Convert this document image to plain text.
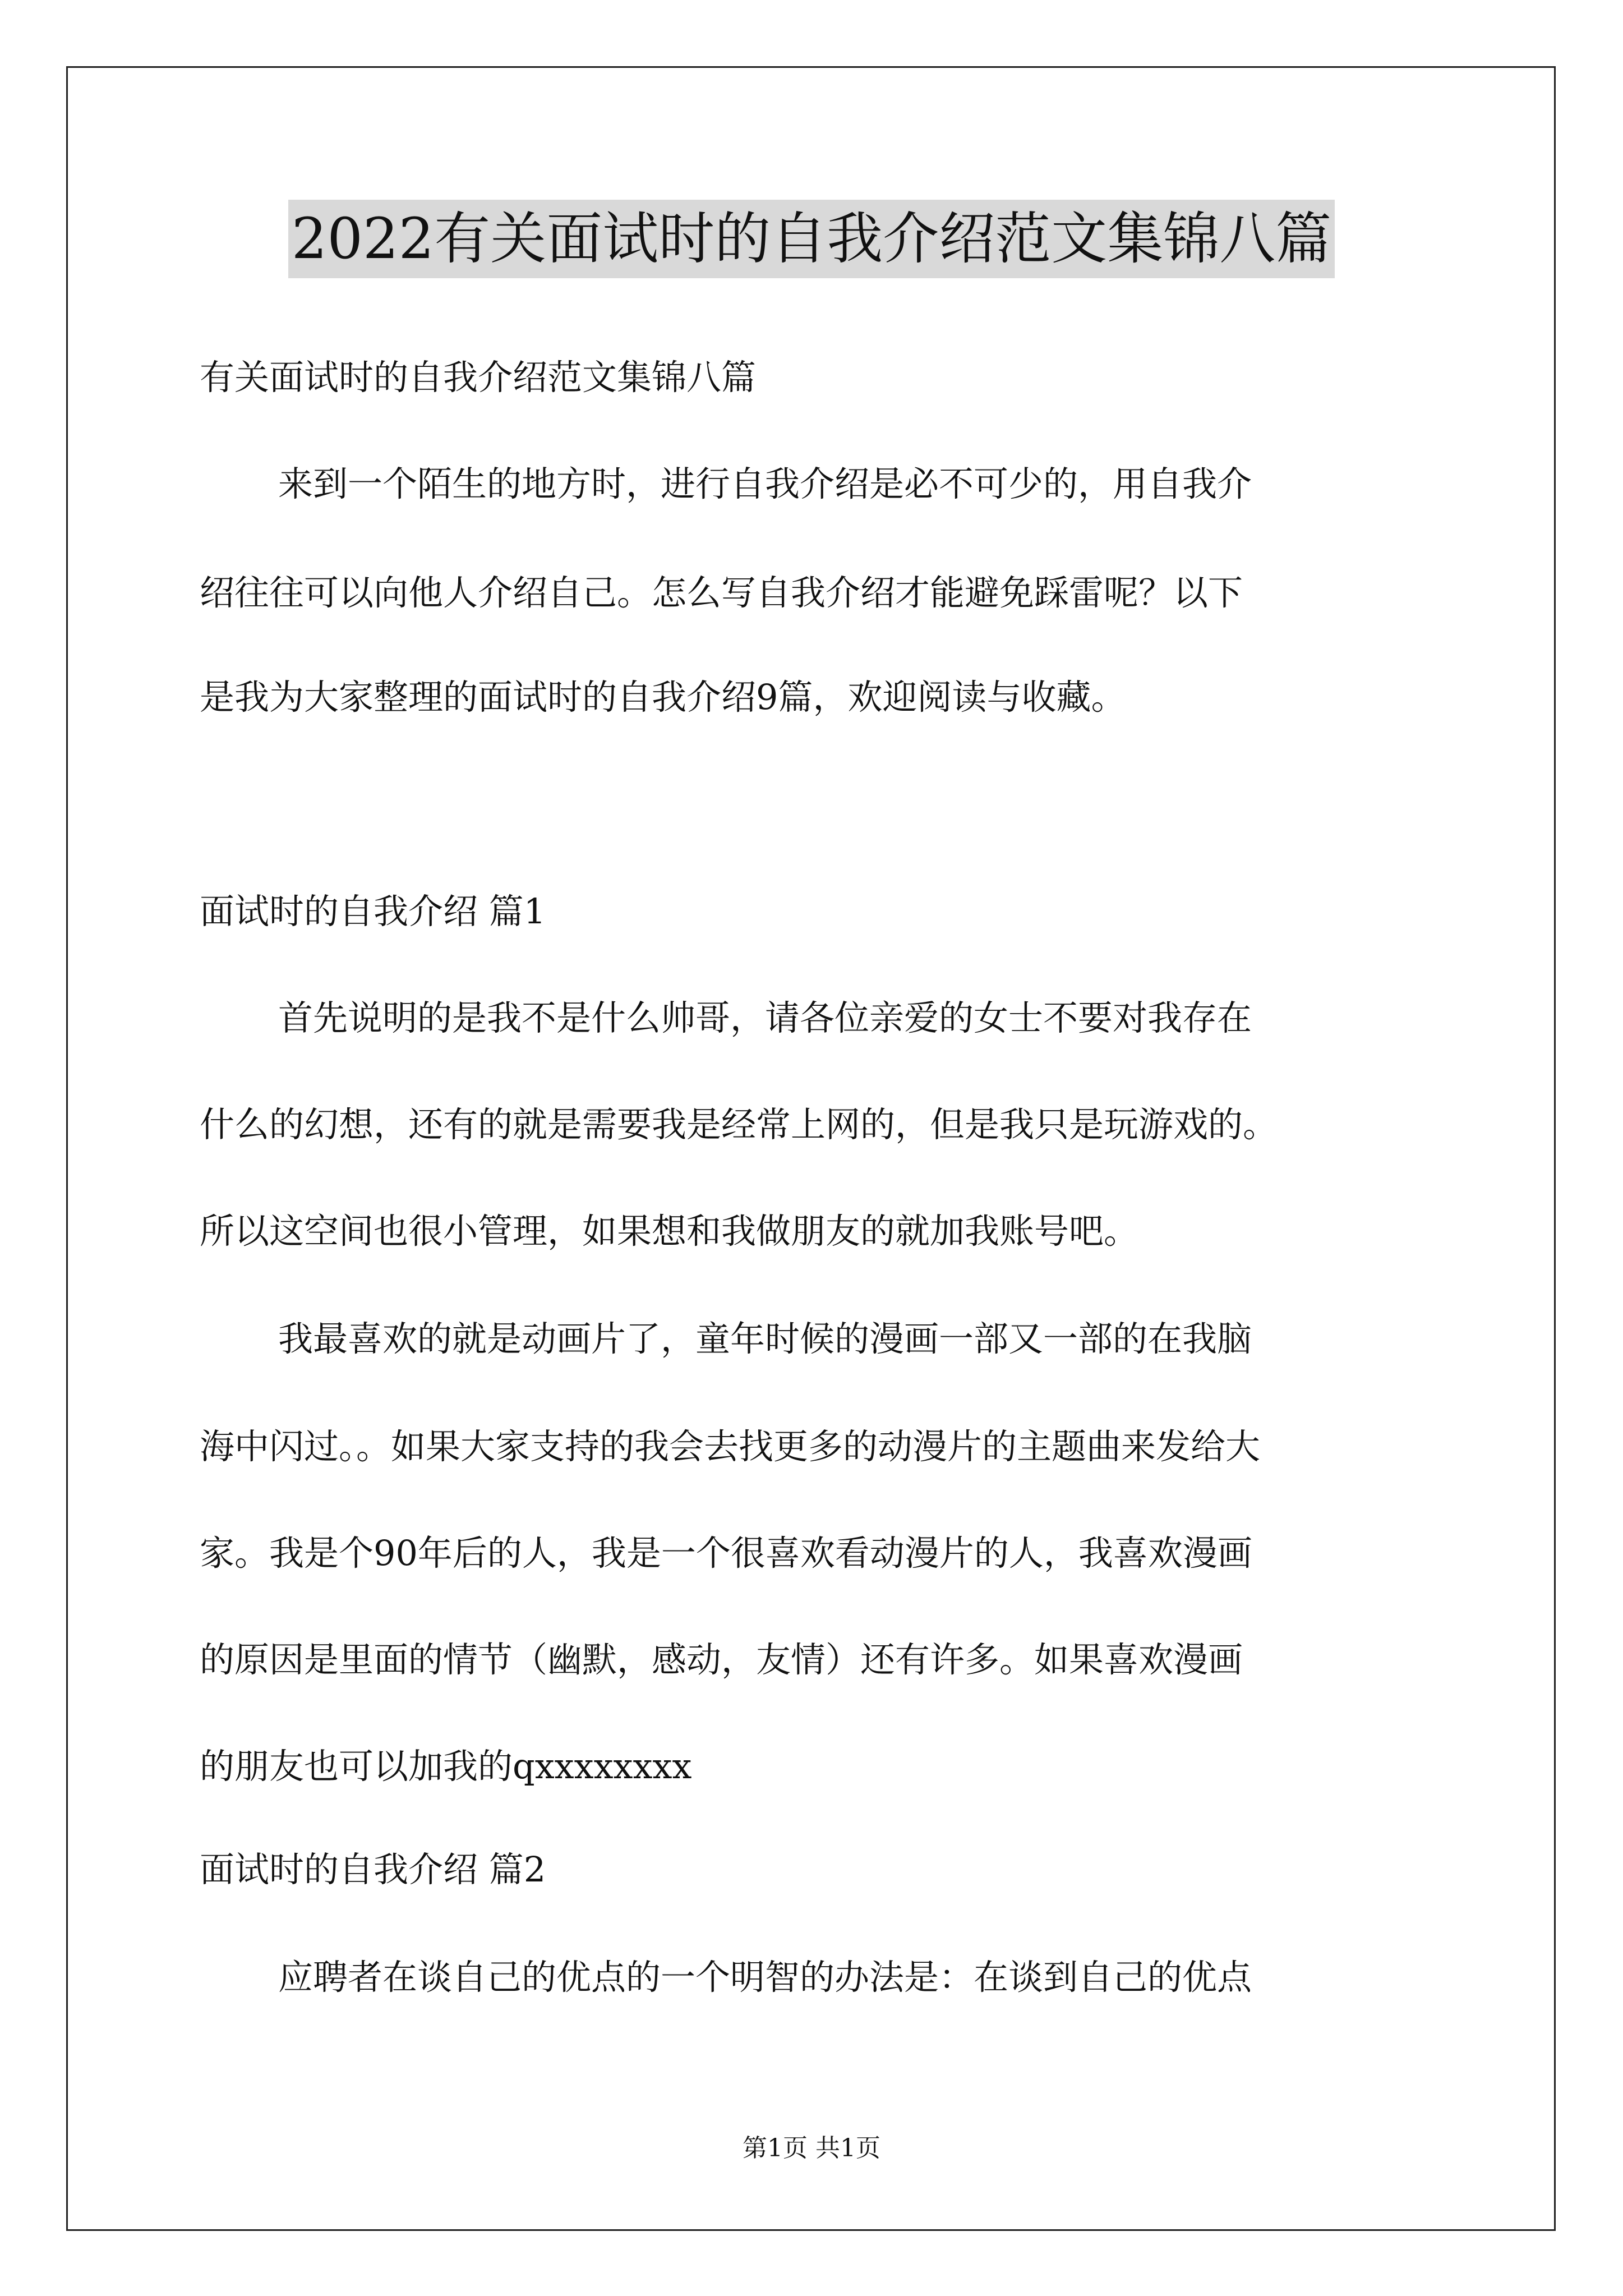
2022有关面试时的自我介绍范文集锦八篇
有关面试时的自我介绍范文集锦八篇
来到一个陌生的地方时，进行自我介绍是必不可少的，用自我介
绍往往可以向他人介绍自己。怎么写自我介绍才能避免踩雷呢？以下
是我为大家整理的面试时的自我介绍9篇，欢迎阅读与收藏。
面试时的自我介绍 篇1
首先说明的是我不是什么帅哥，请各位亲爱的女士不要对我存在
什么的幻想，还有的就是需要我是经常上网的，但是我只是玩游戏的。
所以这空间也很小管理，如果想和我做朋友的就加我账号吧。
我最喜欢的就是动画片了，童年时候的漫画一部又一部的在我脑
海中闪过。。如果大家支持的我会去找更多的动漫片的主题曲来发给大
家。我是个90年后的人，我是一个很喜欢看动漫片的人，我喜欢漫画
的原因是里面的情节（幽默，感动，友情）还有许多。如果喜欢漫画
的朋友也可以加我的qxxxxxxxx
面试时的自我介绍 篇2
应聘者在谈自己的优点的一个明智的办法是：在谈到自己的优点
第1页 共1页
